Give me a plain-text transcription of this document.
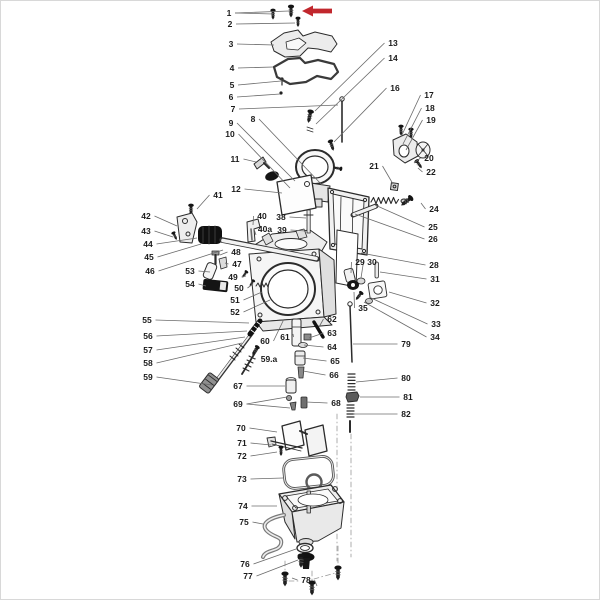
1
2
3
4
5
6
7
8
9
10
11
12
13
14
16
17
18
19
20
21
22
24
25
26
28
29 30
31
32
33
34
35
38
39
40
40a
41
42
43
44
45
46
47
48
49
50
51
52
53
54
55
56
57
58
59
59.a
60 61
62
63
64
65
66
67
68
69
70
71
72
73
74
75
76
77	78
79
80
81
82
